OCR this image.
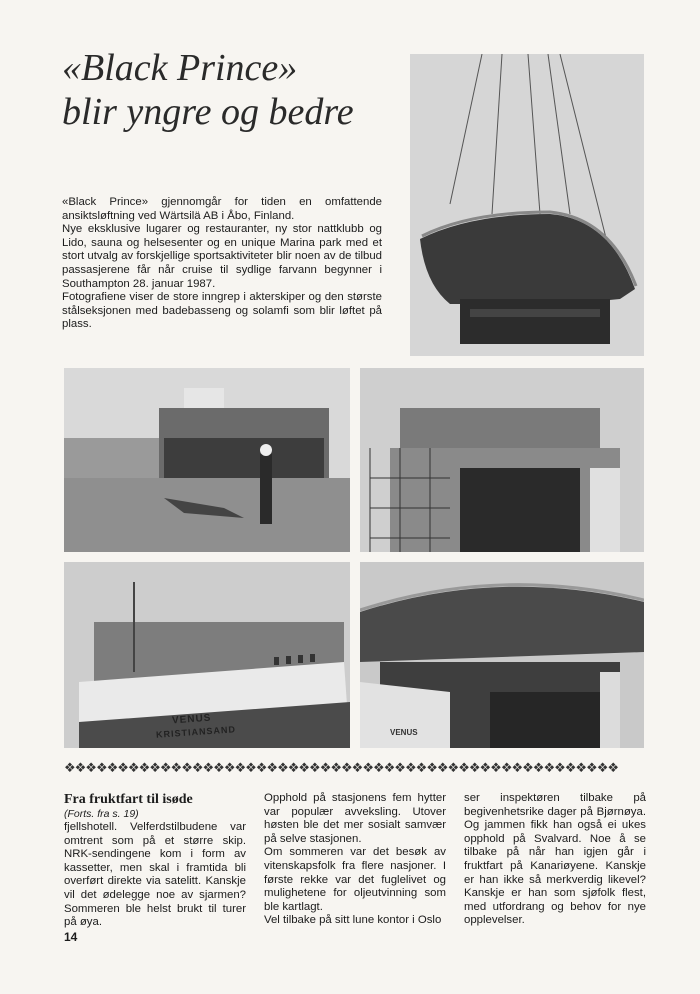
«Black Prince»
blir yngre og bedre

«Black Prince» gjennomgår for tiden en omfattende ansiktsløftning ved Wärtsilä AB i Åbo, Finland.

Nye eksklusive lugarer og restauranter, ny stor nattklubb og Lido, sauna og helsesenter og en unique Marina park med et stort utvalg av forskjellige sportsaktiviteter blir noen av de tilbud passasjerene får når cruise til sydlige farvann begynner i Southampton 28. januar 1987.

Fotografiene viser de store inngrep i akterskiper og den største stålseksjonen med badebasseng og solamfi som blir løftet på plass.

VENUS
KRISTIANSAND	VENUS
❖❖❖❖❖❖❖❖❖❖❖❖❖❖❖❖❖❖❖❖❖❖❖❖❖❖❖❖❖❖❖❖❖❖❖❖❖❖❖❖❖❖❖❖❖❖❖❖❖❖❖❖
Fra fruktfart til isøde

(Forts. fra s. 19)

fjellshotell. Velferdstilbudene var omtrent som på et større skip. NRK-sendingene kom i form av kassetter, men skal i framtida bli overført direkte via satelitt. Kanskje vil det ødelegge noe av sjarmen? Sommeren ble helst brukt til turer på øya.

Opphold på stasjonens fem hytter var populær avveksling. Utover høsten ble det mer sosialt samvær på selve stasjonen.

Om sommeren var det besøk av vitenskapsfolk fra flere nasjoner. I første rekke var det fuglelivet og mulighetene for oljeutvinning som ble kartlagt.

Vel tilbake på sitt lune kontor i Oslo

ser inspektøren tilbake på begivenhetsrike dager på Bjørnøya. Og jammen fikk han også ei ukes opphold på Svalvard. Noe å se tilbake på når han igjen går i fruktfart på Kanariøyene. Kanskje er han ikke så merkverdig likevel? Kanskje er han som sjøfolk flest, med utfordrang og behov for nye opplevelser.

14
